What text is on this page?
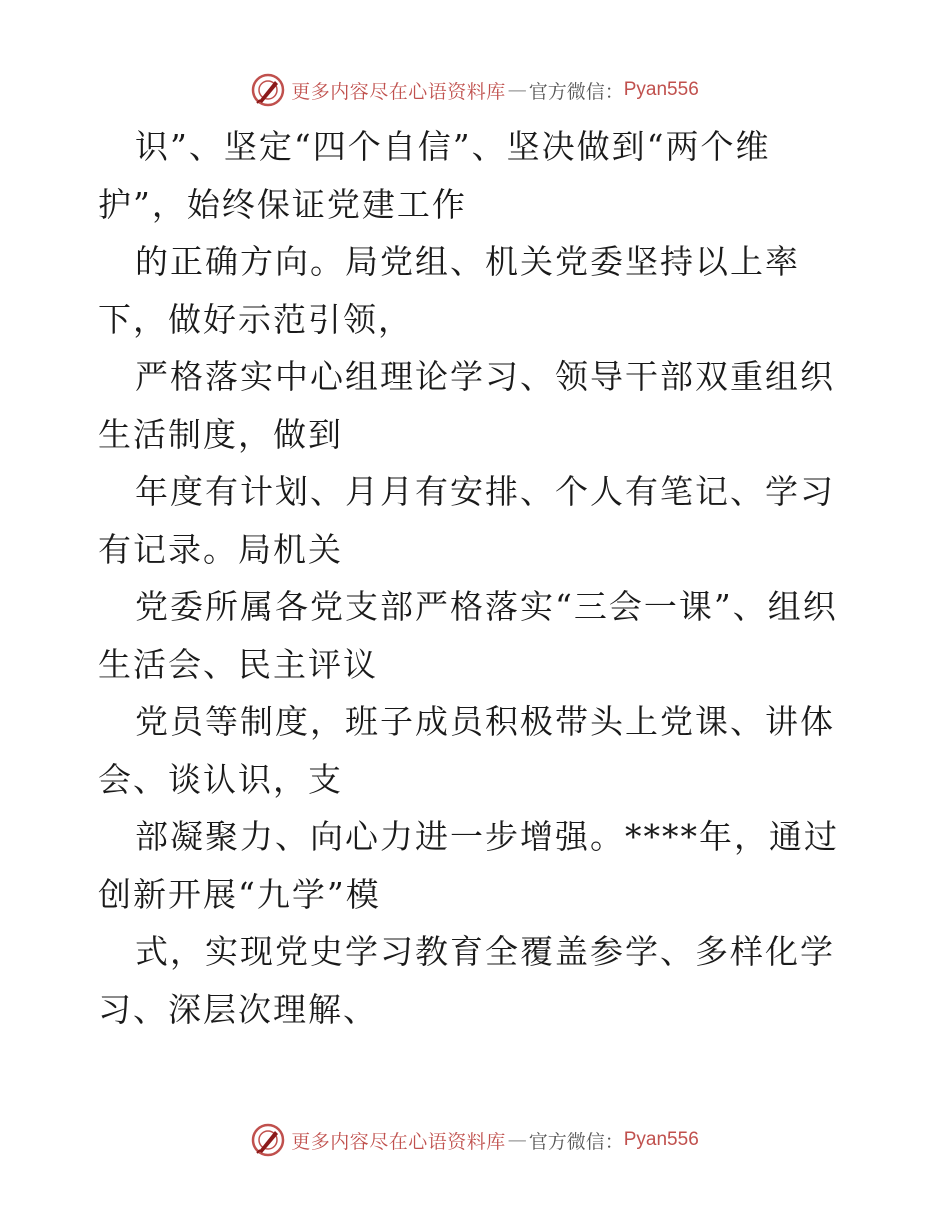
更多内容尽在心语资料库 — 官方微信： Pyan556

识”、坚定“四个自信”、坚决做到“两个维护”，始终保证党建工作

的正确方向。局党组、机关党委坚持以上率下，做好示范引领，

严格落实中心组理论学习、领导干部双重组织生活制度，做到

年度有计划、月月有安排、个人有笔记、学习有记录。局机关

党委所属各党支部严格落实“三会一课”、组织生活会、民主评议

党员等制度，班子成员积极带头上党课、讲体会、谈认识，支

部凝聚力、向心力进一步增强。****年，通过创新开展“九学”模

式，实现党史学习教育全覆盖参学、多样化学习、深层次理解、

更多内容尽在心语资料库 — 官方微信： Pyan556
